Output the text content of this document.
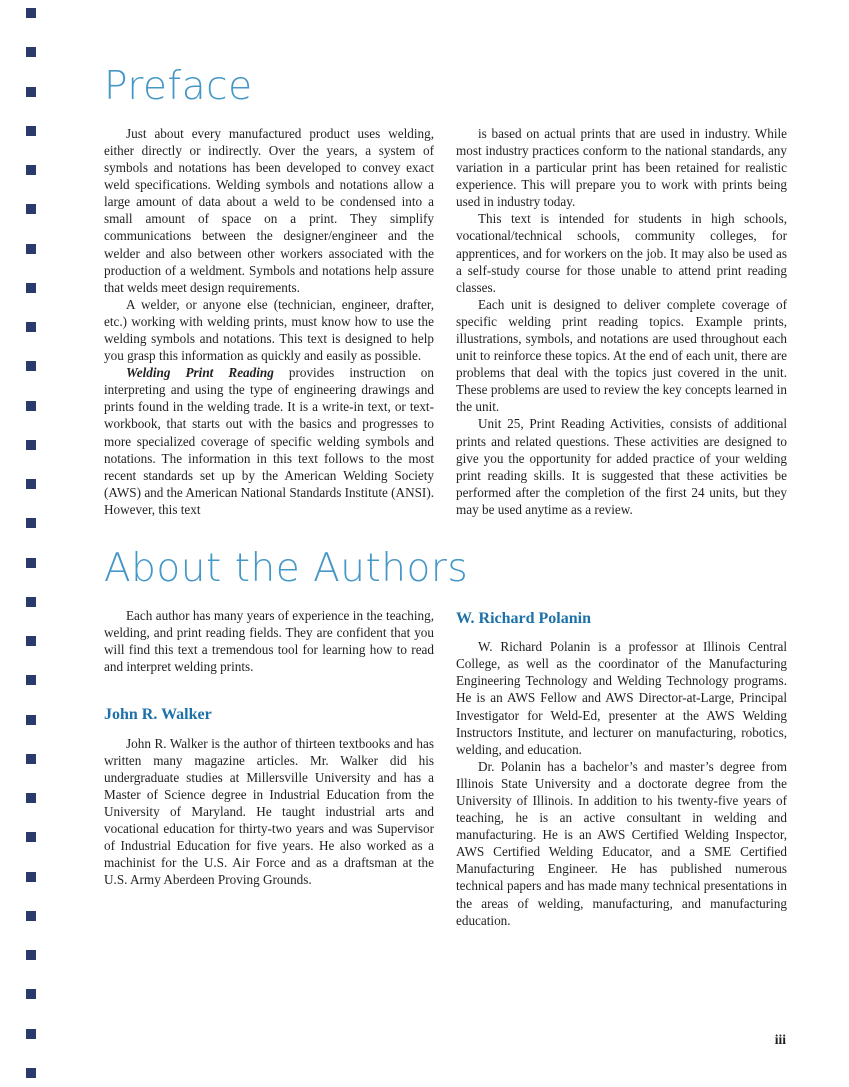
Preface

Just about every manufactured product uses welding, either directly or indirectly. Over the years, a system of symbols and notations has been developed to convey exact weld specifications. Welding symbols and notations allow a large amount of data about a weld to be condensed into a small amount of space on a print. They simplify communications between the designer/engineer and the welder and also between other workers associated with the production of a weldment. Symbols and notations help assure that welds meet design requirements.

A welder, or anyone else (technician, engineer, drafter, etc.) working with welding prints, must know how to use the welding symbols and notations. This text is designed to help you grasp this information as quickly and easily as possible.

Welding Print Reading provides instruction on interpreting and using the type of engineering drawings and prints found in the welding trade. It is a write-in text, or text-workbook, that starts out with the basics and progresses to more specialized coverage of specific welding symbols and notations. The information in this text follows to the most recent standards set up by the American Welding Society (AWS) and the American National Standards Institute (ANSI). However, this text

is based on actual prints that are used in industry. While most industry practices conform to the national standards, any variation in a particular print has been retained for realistic experience. This will prepare you to work with prints being used in industry today.

This text is intended for students in high schools, vocational/technical schools, community colleges, for apprentices, and for workers on the job. It may also be used as a self-study course for those unable to attend print reading classes.

Each unit is designed to deliver complete coverage of specific welding print reading topics. Example prints, illustrations, symbols, and notations are used throughout each unit to reinforce these topics. At the end of each unit, there are problems that deal with the topics just covered in the unit. These problems are used to review the key concepts learned in the unit.

Unit 25, Print Reading Activities, consists of additional prints and related questions. These activities are designed to give you the opportunity for added practice of your welding print reading skills. It is suggested that these activities be performed after the completion of the first 24 units, but they may be used anytime as a review.

About the Authors

Each author has many years of experience in the teaching, welding, and print reading fields. They are confident that you will find this text a tremendous tool for learning how to read and interpret welding prints.

John R. Walker

John R. Walker is the author of thirteen textbooks and has written many magazine articles. Mr. Walker did his undergraduate studies at Millersville University and has a Master of Science degree in Industrial Education from the University of Maryland. He taught industrial arts and vocational education for thirty-two years and was Supervisor of Industrial Education for five years. He also worked as a machinist for the U.S. Air Force and as a draftsman at the U.S. Army Aberdeen Proving Grounds.

W. Richard Polanin

W. Richard Polanin is a professor at Illinois Central College, as well as the coordinator of the Manufacturing Engineering Technology and Welding Technology programs. He is an AWS Fellow and AWS Director-at-Large, Principal Investigator for Weld-Ed, presenter at the AWS Welding Instructors Institute, and lecturer on manufacturing, robotics, welding, and education.

Dr. Polanin has a bachelor’s and master’s degree from Illinois State University and a doctorate degree from the University of Illinois. In addition to his twenty-five years of teaching, he is an active consultant in welding and manufacturing. He is an AWS Certified Welding Inspector, AWS Certified Welding Educator, and a SME Certified Manufacturing Engineer. He has published numerous technical papers and has made many technical presentations in the areas of welding, manufacturing, and manufacturing education.

iii
